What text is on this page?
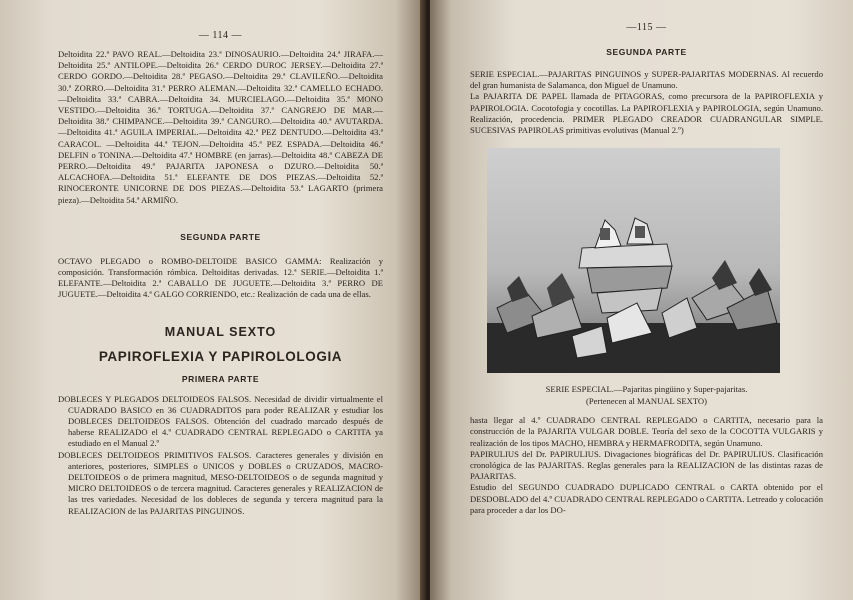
— 114 —

Deltoidita 22.ª PAVO REAL.—Deltoidita 23.ª DINOSAURIO.—Deltoidita 24.ª JIRAFA.—Deltoidita 25.ª ANTILOPE.—Deltoidita 26.ª CERDO DUROC JERSEY.—Deltoidita 27.ª CERDO GORDO.—Deltoidita 28.ª PEGASO.—Deltoidita 29.ª CLAVILEÑO.—Deltoidita 30.ª ZORRO.—Deltoidita 31.ª PERRO ALEMAN.—Deltoidita 32.ª CAMELLO ECHADO.—Deltoidita 33.ª CABRA.—Deltoidita 34. MURCIELAGO.—Deltoidita 35.ª MONO VESTIDO.—Deltoidita 36.ª TORTUGA.—Deltoidita 37.ª CANGREJO DE MAR.—Deltoidita 38.ª CHIMPANCE.—Deltoidita 39.ª CANGURO.—Deltoidita 40.ª AVUTARDA.—Deltoidita 41.ª AGUILA IMPERIAL.—Deltoidita 42.ª PEZ DENTUDO.—Deltoidita 43.ª CARACOL. —Deltoidita 44.ª TEJON.—Deltoidita 45.ª PEZ ESPADA.—Deltoidita 46.ª DELFIN o TONINA.—Deltoidita 47.ª HOMBRE (en jarras).—Deltoidita 48.ª CABEZA DE PERRO.—Deltoidita 49.ª PAJARITA JAPONESA o DZURO.—Deltoidita 50.ª ALCACHOFA.—Deltoidita 51.ª ELEFANTE DE DOS PIEZAS.—Deltoidita 52.ª RINOCERONTE UNICORNE DE DOS PIEZAS.—Deltoidita 53.ª LAGARTO (primera pieza).—Deltoidita 54.ª ARMIÑO.

SEGUNDA PARTE

OCTAVO PLEGADO o ROMBO-DELTOIDE BASICO GAMMA: Realización y composición. Transformación rómbica. Deltoiditas derivadas. 12.ª SERIE.—Deltoidita 1.ª ELEFANTE.—Deltoidita 2.ª CABALLO DE JUGUETE.—Deltoidita 3.ª PERRO DE JUGUETE.—Deltoidita 4.ª GALGO CORRIENDO, etc.: Realización de cada una de ellas.

MANUAL SEXTO

PAPIROFLEXIA Y PAPIROLOLOGIA

PRIMERA PARTE

DOBLECES Y PLEGADOS DELTOIDEOS FALSOS. Necesidad de dividir virtualmente el CUADRADO BASICO en 36 CUADRADITOS para poder REALIZAR y estudiar los DOBLECES DELTOIDEOS FALSOS. Obtención del cuadrado marcado después de haberse REALIZADO el 4.º CUADRADO CENTRAL REPLEGADO o CARTITA ya estudiado en el Manual 2.º

DOBLECES DELTOIDEOS PRIMITIVOS FALSOS. Caracteres generales y división en anteriores, posteriores, SIMPLES o UNICOS y DOBLES o CRUZADOS, MACRO-DELTOIDEOS o de primera magnitud, MESO-DELTOIDEOS o de segunda magnitud y MICRO DELTOIDEOS o de tercera magnitud. Caracteres generales y REALIZACION de las tres variedades. Necesidad de los dobleces de segunda y tercera magnitud para la REALIZACION de las PAJARITAS PINGUINOS.

—115 —

SEGUNDA PARTE

SERIE ESPECIAL.—PAJARITAS PINGUINOS y SUPER-PAJARITAS MODERNAS. Al recuerdo del gran humanista de Salamanca, don Miguel de Unamuno.

La PAJARITA DE PAPEL llamada de PITAGORAS, como precursora de la PAPIROFLEXIA y PAPIROLOGIA. Cocotofogia y cocotillas. La PAPIROFLEXIA y PAPIROLOGIA, según Unamuno. Realización, procedencia. PRIMER PLEGADO CREADOR CUADRANGULAR SIMPLE. SUCESIVAS PAPIROLAS primitivas evolutivas (Manual 2.º)

SERIE ESPECIAL.—Pajaritas pingüino y Super-pajaritas.

(Pertenecen al MANUAL SEXTO)

hasta llegar al 4.º CUADRADO CENTRAL REPLEGADO o CARTITA, necesario para la construcción de la PAJARITA VULGAR DOBLE. Teoría del sexo de la COCOTTA VULGARIS y realización de los tipos MACHO, HEMBRA y HERMAFRODITA, según Unamuno.

PAPIRULIUS del Dr. PAPIRULIUS. Divagaciones biográficas del Dr. PAPIRULIUS. Clasificación cronológica de las PAJARITAS. Reglas generales para la REALIZACION de las distintas razas de PAJARITAS.

Estudio del SEGUNDO CUADRADO DUPLICADO CENTRAL o CARTA obtenido por el DESDOBLADO del 4.º CUADRADO CENTRAL REPLEGADO o CARTITA. Letreado y colocación para proceder a dar los DO-
